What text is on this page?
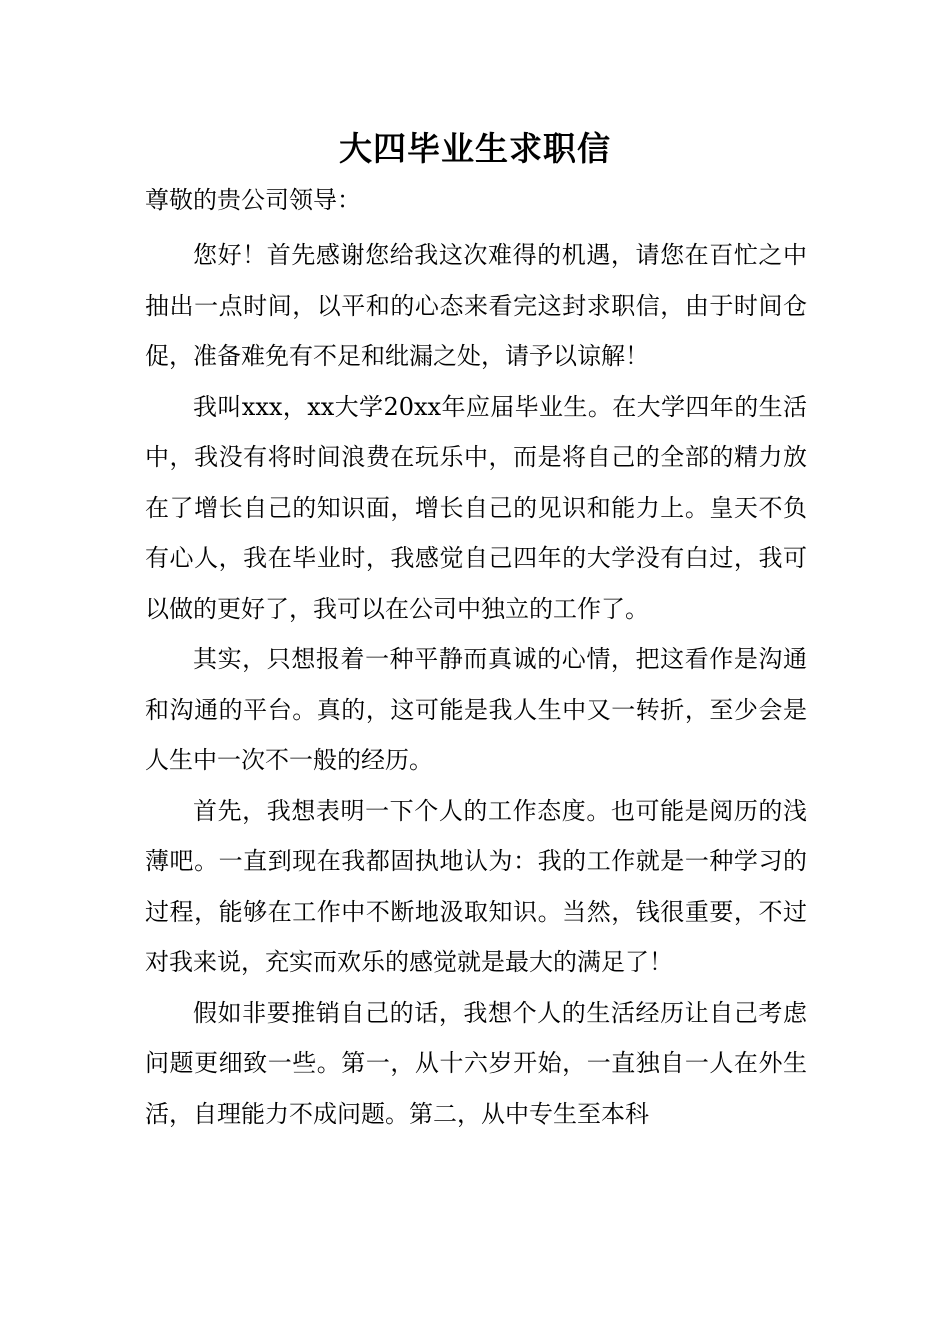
大四毕业生求职信

尊敬的贵公司领导：

您好！首先感谢您给我这次难得的机遇，请您在百忙之中抽出一点时间，以平和的心态来看完这封求职信，由于时间仓促，准备难免有不足和纰漏之处，请予以谅解！

我叫xxx，xx大学20xx年应届毕业生。在大学四年的生活中，我没有将时间浪费在玩乐中，而是将自己的全部的精力放在了增长自己的知识面，增长自己的见识和能力上。皇天不负有心人，我在毕业时，我感觉自己四年的大学没有白过，我可以做的更好了，我可以在公司中独立的工作了。

其实，只想报着一种平静而真诚的心情，把这看作是沟通和沟通的平台。真的，这可能是我人生中又一转折，至少会是人生中一次不一般的经历。

首先，我想表明一下个人的工作态度。也可能是阅历的浅薄吧。一直到现在我都固执地认为：我的工作就是一种学习的过程，能够在工作中不断地汲取知识。当然，钱很重要，不过对我来说，充实而欢乐的感觉就是最大的满足了！

假如非要推销自己的话，我想个人的生活经历让自己考虑问题更细致一些。第一，从十六岁开始，一直独自一人在外生活，自理能力不成问题。第二，从中专生至本科
